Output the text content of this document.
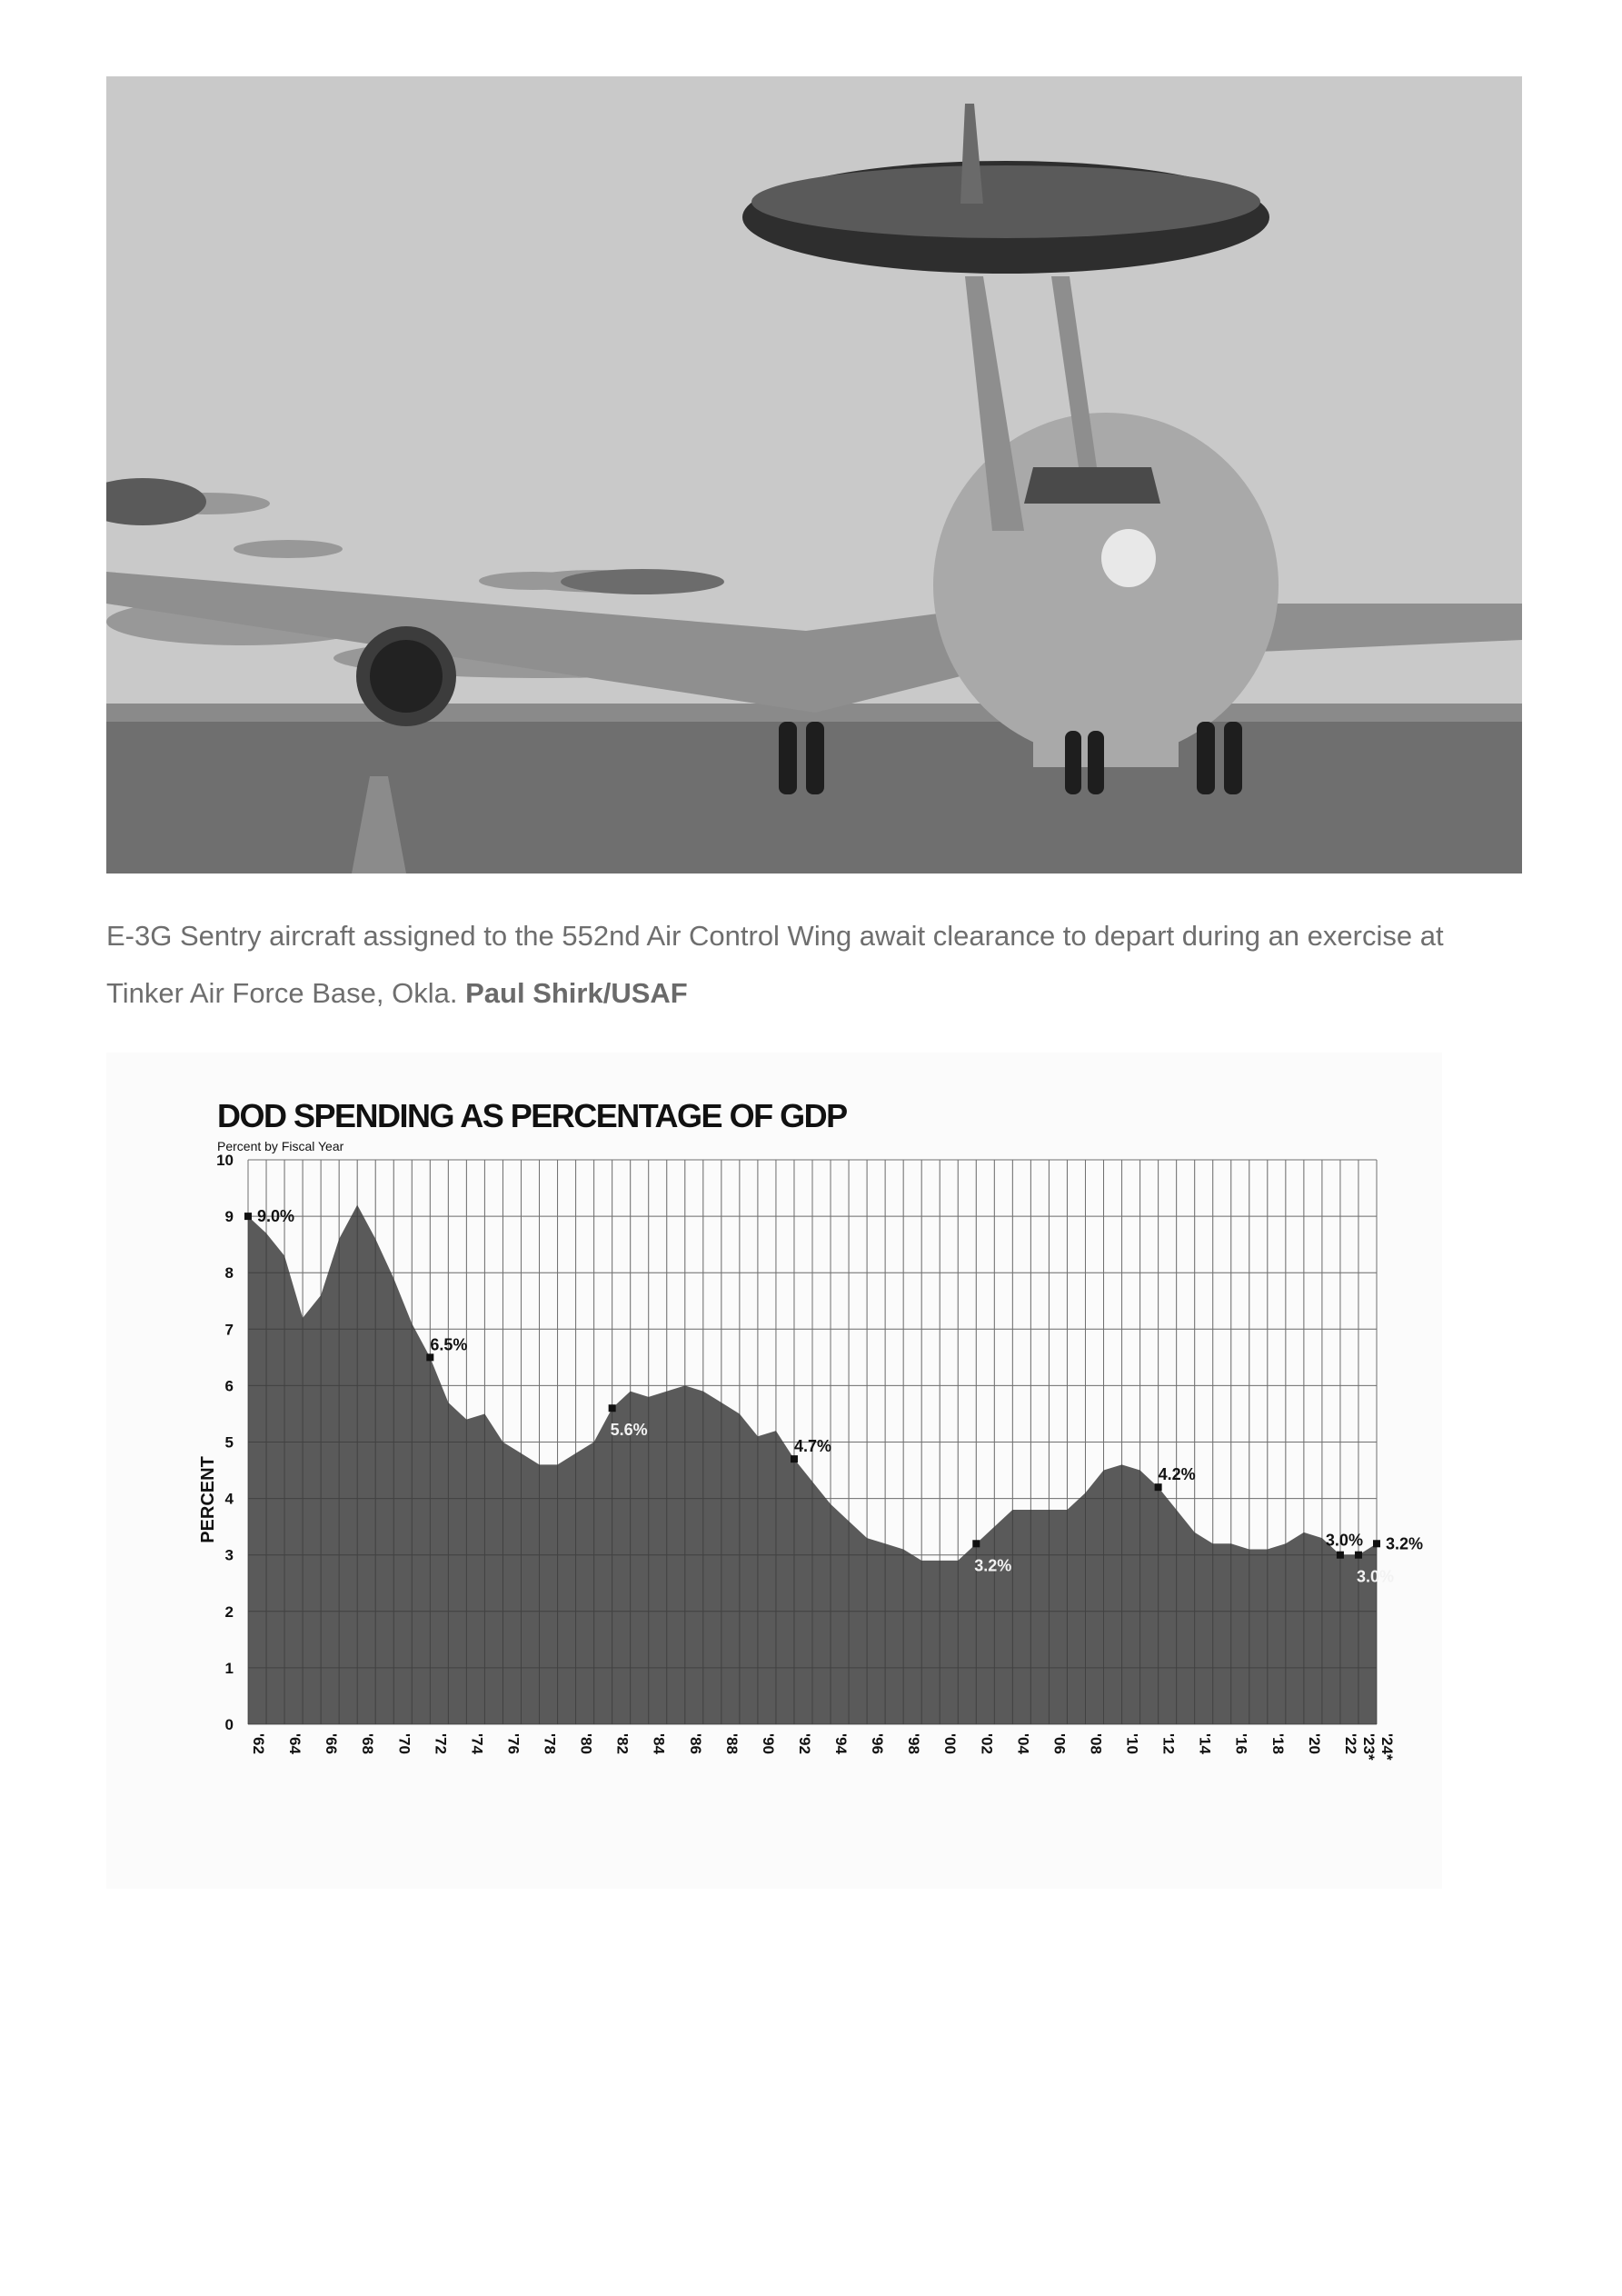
E-3G Sentry aircraft assigned to the 552nd Air Control Wing await clearance to depart during an exercise at Tinker Air Force Base, Okla. Paul Shirk/USAF
DOD SPENDING AS PERCENTAGE OF GDP
Percent by Fiscal Year
PERCENT
0
1
2
3
4
5
6
7
8
9
10
'62 '64 '66 '68 '70 '72 '74 '76 '78 '80 '82 '84 '86 '88 '90 '92 '94 '96 '98 '00 '02 '04 '06 '08 '10 '12 '14 '16 '18 '20 '22 '23* '24*
9.0%
6.5%
5.6%
4.7%
3.2%
4.2%
3.0%
3.0%
3.2%
